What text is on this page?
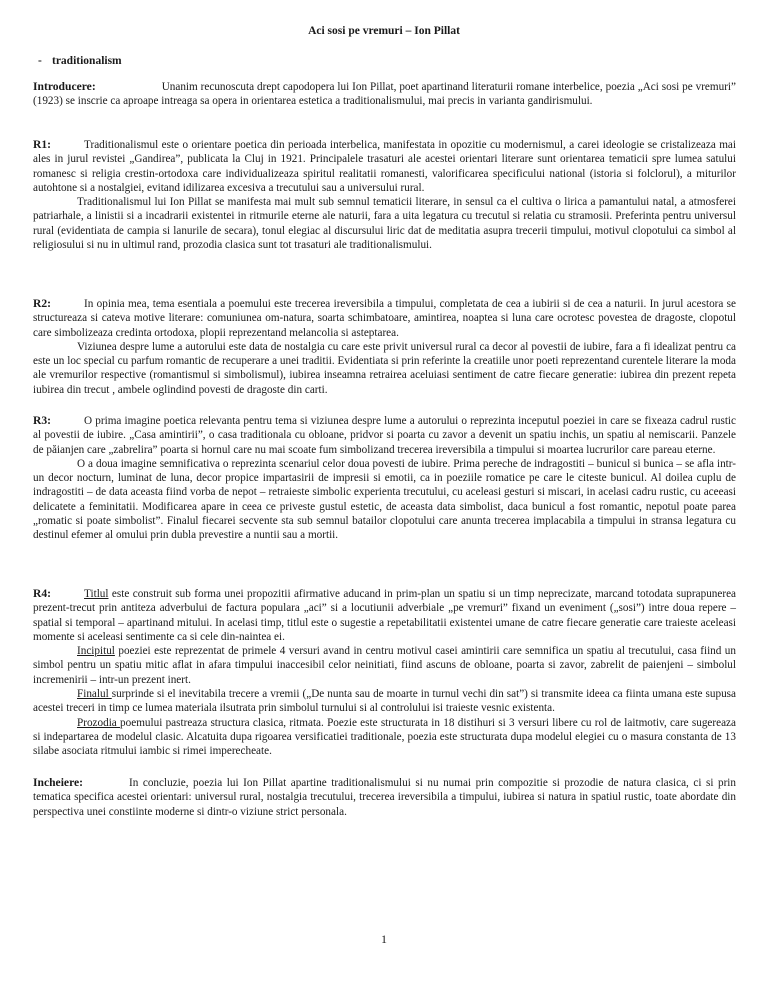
Aci sosi pe vremuri – Ion Pillat
- traditionalism

Introducere:	Unanim recunoscuta drept capodopera lui Ion Pillat, poet apartinand literaturii romane interbelice, poezia „Aci sosi pe vremuri” (1923) se inscrie ca aproape intreaga sa opera in orientarea estetica a traditionalismului, mai precis in varianta gandirismului.

R1:	Traditionalismul este o orientare poetica din perioada interbelica, manifestata in opozitie cu modernismul, a carei ideologie se cristalizeaza mai ales in jurul revistei „Gandirea”, publicata la Cluj in 1921. Principalele trasaturi ale acestei orientari literare sunt orientarea tematicii spre lumea satului romanesc si religia crestin-ortodoxa care individualizeaza spiritul realitatii romanesti, valorificarea specificului national (istoria si folclorul), a miturilor autohtone si a nostalgiei, evitand idilizarea excesiva a trecutului sau a universului rural.

Traditionalismul lui Ion Pillat se manifesta mai mult sub semnul tematicii literare, in sensul ca el cultiva o lirica a pamantului natal, a atmosferei patriarhale, a linistii si a incadrarii existentei in ritmurile eterne ale naturii, fara a uita legatura cu trecutul si relatia cu stramosii. Preferinta pentru universul rural (evidentiata de campia si lanurile de secara), tonul elegiac al discursului liric dat de meditatia asupra trecerii timpului, motivul clopotului ca simbol al religiosului si nu in ultimul rand, prozodia clasica sunt tot trasaturi ale traditionalismului.

R2:	In opinia mea, tema esentiala a poemului este trecerea ireversibila a timpului, completata de cea a iubirii si de cea a naturii. In jurul acestora se structureaza si cateva motive literare: comuniunea om-natura, soarta schimbatoare, amintirea, noaptea si luna care ocrotesc povestea de dragoste, clopotul care simbolizeaza credinta ortodoxa, plopii reprezentand melancolia si asteptarea.

Viziunea despre lume a autorului este data de nostalgia cu care este privit universul rural ca decor al povestii de iubire, fara a fi idealizat pentru ca este un loc special cu parfum romantic de recuperare a unei traditii. Evidentiata si prin referinte la creatiile unor poeti reprezentand curentele literare la moda ale vremurilor respective (romantismul si simbolismul), iubirea inseamna retrairea aceluiasi sentiment de catre fiecare generatie: iubirea din prezent repeta iubirea din trecut , ambele oglindind povesti de dragoste din carti.

R3:	O prima imagine poetica relevanta pentru tema si viziunea despre lume a autorului o reprezinta inceputul poeziei in care se fixeaza cadrul rustic al povestii de iubire. „Casa amintirii”, o casa traditionala cu obloane, pridvor si poarta cu zavor a devenit un spatiu inchis, un spatiu al nemiscarii. Panzele de păianjen care „zabrelira” poarta si hornul care nu mai scoate fum simbolizand trecerea ireversibila a timpului si moartea lucrurilor care pareau eterne.

O a doua imagine semnificativa o reprezinta scenariul celor doua povesti de iubire. Prima pereche de indragostiti – bunicul si bunica – se afla intr-un decor nocturn, luminat de luna, decor propice impartasirii de impresii si emotii, ca in poeziile romatice pe care le citeste bunicul. Al doilea cuplu de indragostiti – de data aceasta fiind vorba de nepot – retraieste simbolic experienta trecutului, cu aceleasi gesturi si miscari, in acelasi cadru rustic, cu aceeasi delicatete a feminitatii. Modificarea apare in ceea ce priveste gustul estetic, de aceasta data simbolist, daca bunicul a fost romantic, nepotul poate parea „romatic si poate simbolist”. Finalul fiecarei secvente sta sub semnul batailor clopotului care anunta trecerea implacabila a timpului in stransa legatura cu destinul efemer al omului prin dubla prevestire a nuntii sau a mortii.

R4:	Titlul este construit sub forma unei propozitii afirmative aducand in prim-plan un spatiu si un timp neprecizate, marcand totodata suprapunerea prezent-trecut prin antiteza adverbului de factura populara „aci” si a locutiunii adverbiale „pe vremuri” fixand un eveniment („sosi”) intre doua repere – spatial si temporal – apartinand mitului. In acelasi timp, titlul este o sugestie a repetabilitatii existentei umane de catre fiecare generatie care traieste aceleasi momente si aceleasi sentimente ca si cele din-naintea ei.

Incipitul poeziei este reprezentat de primele 4 versuri avand in centru motivul casei amintirii care semnifica un spatiu al trecutului, casa fiind un simbol pentru un spatiu mitic aflat in afara timpului inaccesibil celor neinitiati, fiind ascuns de obloane, poarta si zavor, zabrelit de paienjeni – simbolul incremenirii – intr-un prezent inert.

Finalul surprinde si el inevitabila trecere a vremii („De nunta sau de moarte in turnul vechi din sat”) si transmite ideea ca fiinta umana este supusa acestei treceri in timp ce lumea materiala ilsutrata prin simbolul turnului si al controlului isi traieste vesnic existenta.

Prozodia poemului pastreaza structura clasica, ritmata. Poezie este structurata in 18 distihuri si 3 versuri libere cu rol de laitmotiv, care sugereaza si indepartarea de modelul clasic. Alcatuita dupa rigoarea versificatiei traditionale, poezia este structurata dupa modelul elegiei cu o masura constanta de 13 silabe asociata ritmului iambic si rimei imperecheate.

Incheiere:	In concluzie, poezia lui Ion Pillat apartine traditionalismului si nu numai prin compozitie si prozodie de natura clasica, ci si prin tematica specifica acestei orientari: universul rural, nostalgia trecutului, trecerea ireversibila a timpului, iubirea si natura in spatiul rustic, toate abordate din perspectiva unei constiinte moderne si dintr-o viziune strict personala.

1
